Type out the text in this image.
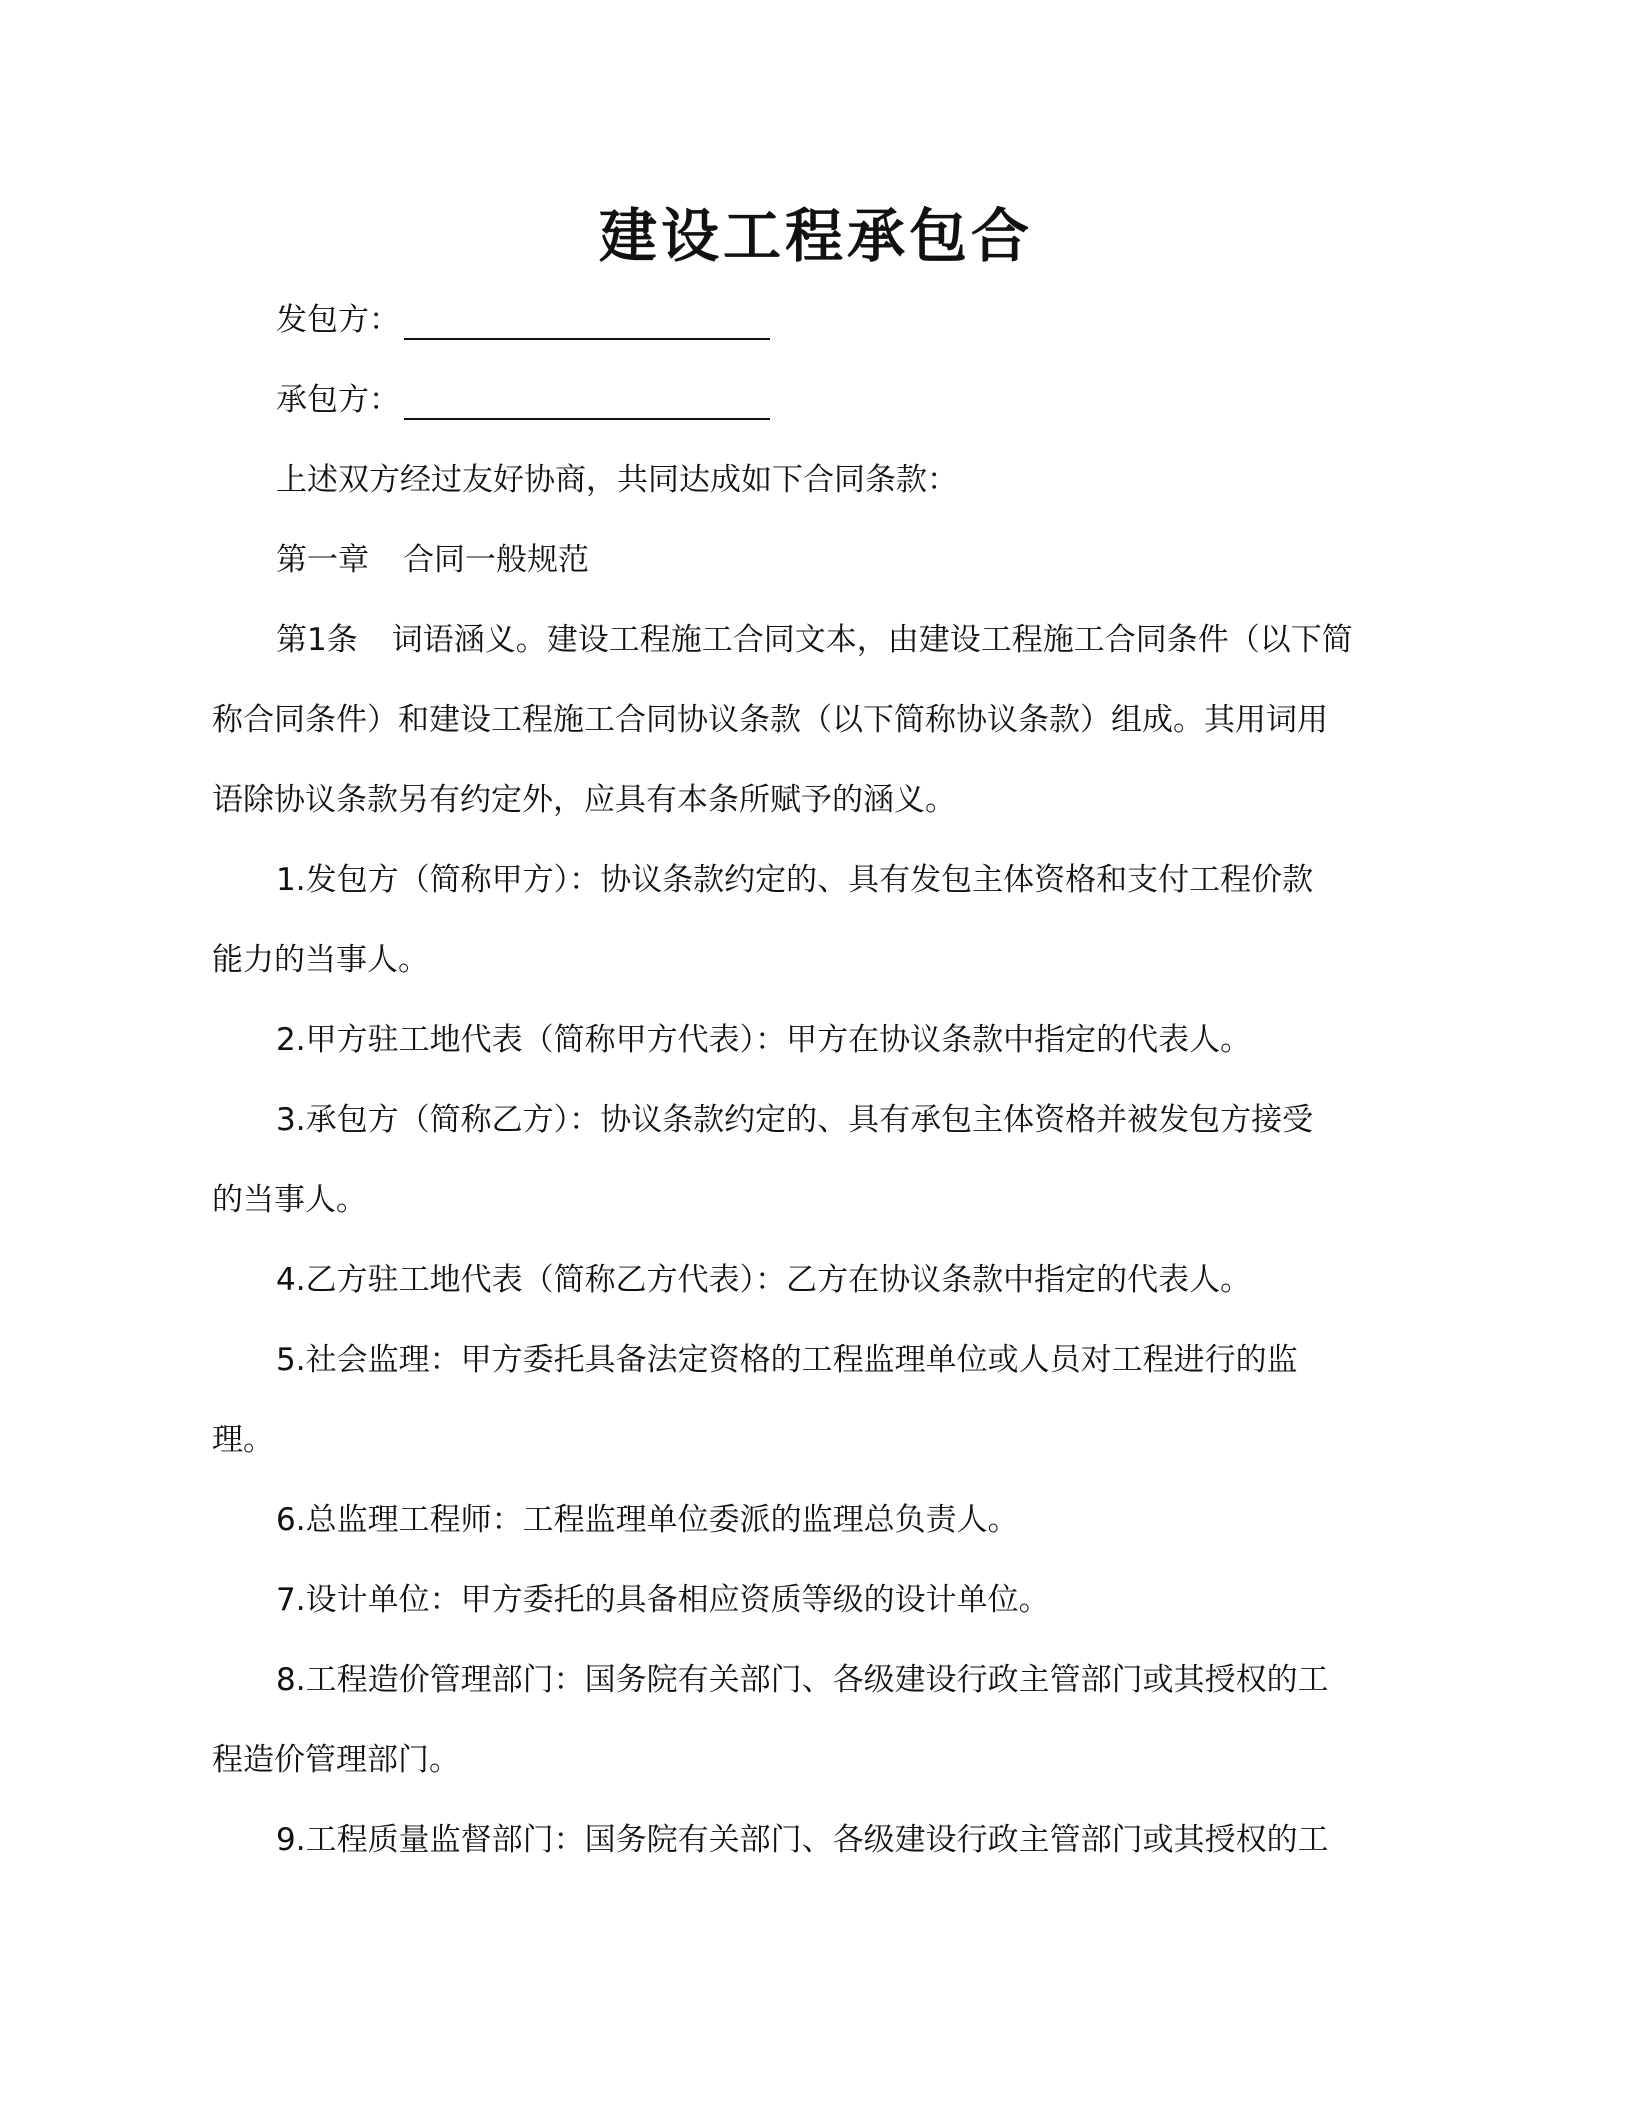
建设工程承包合
发包方：
承包方：
上述双方经过友好协商，共同达成如下合同条款：
第一章 合同一般规范
第1条 词语涵义。建设工程施工合同文本，由建设工程施工合同条件（以下简
称合同条件）和建设工程施工合同协议条款（以下简称协议条款）组成。其用词用
语除协议条款另有约定外，应具有本条所赋予的涵义。
1.发包方（简称甲方）：协议条款约定的、具有发包主体资格和支付工程价款
能力的当事人。
2.甲方驻工地代表（简称甲方代表）：甲方在协议条款中指定的代表人。
3.承包方（简称乙方）：协议条款约定的、具有承包主体资格并被发包方接受
的当事人。
4.乙方驻工地代表（简称乙方代表）：乙方在协议条款中指定的代表人。
5.社会监理：甲方委托具备法定资格的工程监理单位或人员对工程进行的监
理。
6.总监理工程师：工程监理单位委派的监理总负责人。
7.设计单位：甲方委托的具备相应资质等级的设计单位。
8.工程造价管理部门：国务院有关部门、各级建设行政主管部门或其授权的工
程造价管理部门。
9.工程质量监督部门：国务院有关部门、各级建设行政主管部门或其授权的工
